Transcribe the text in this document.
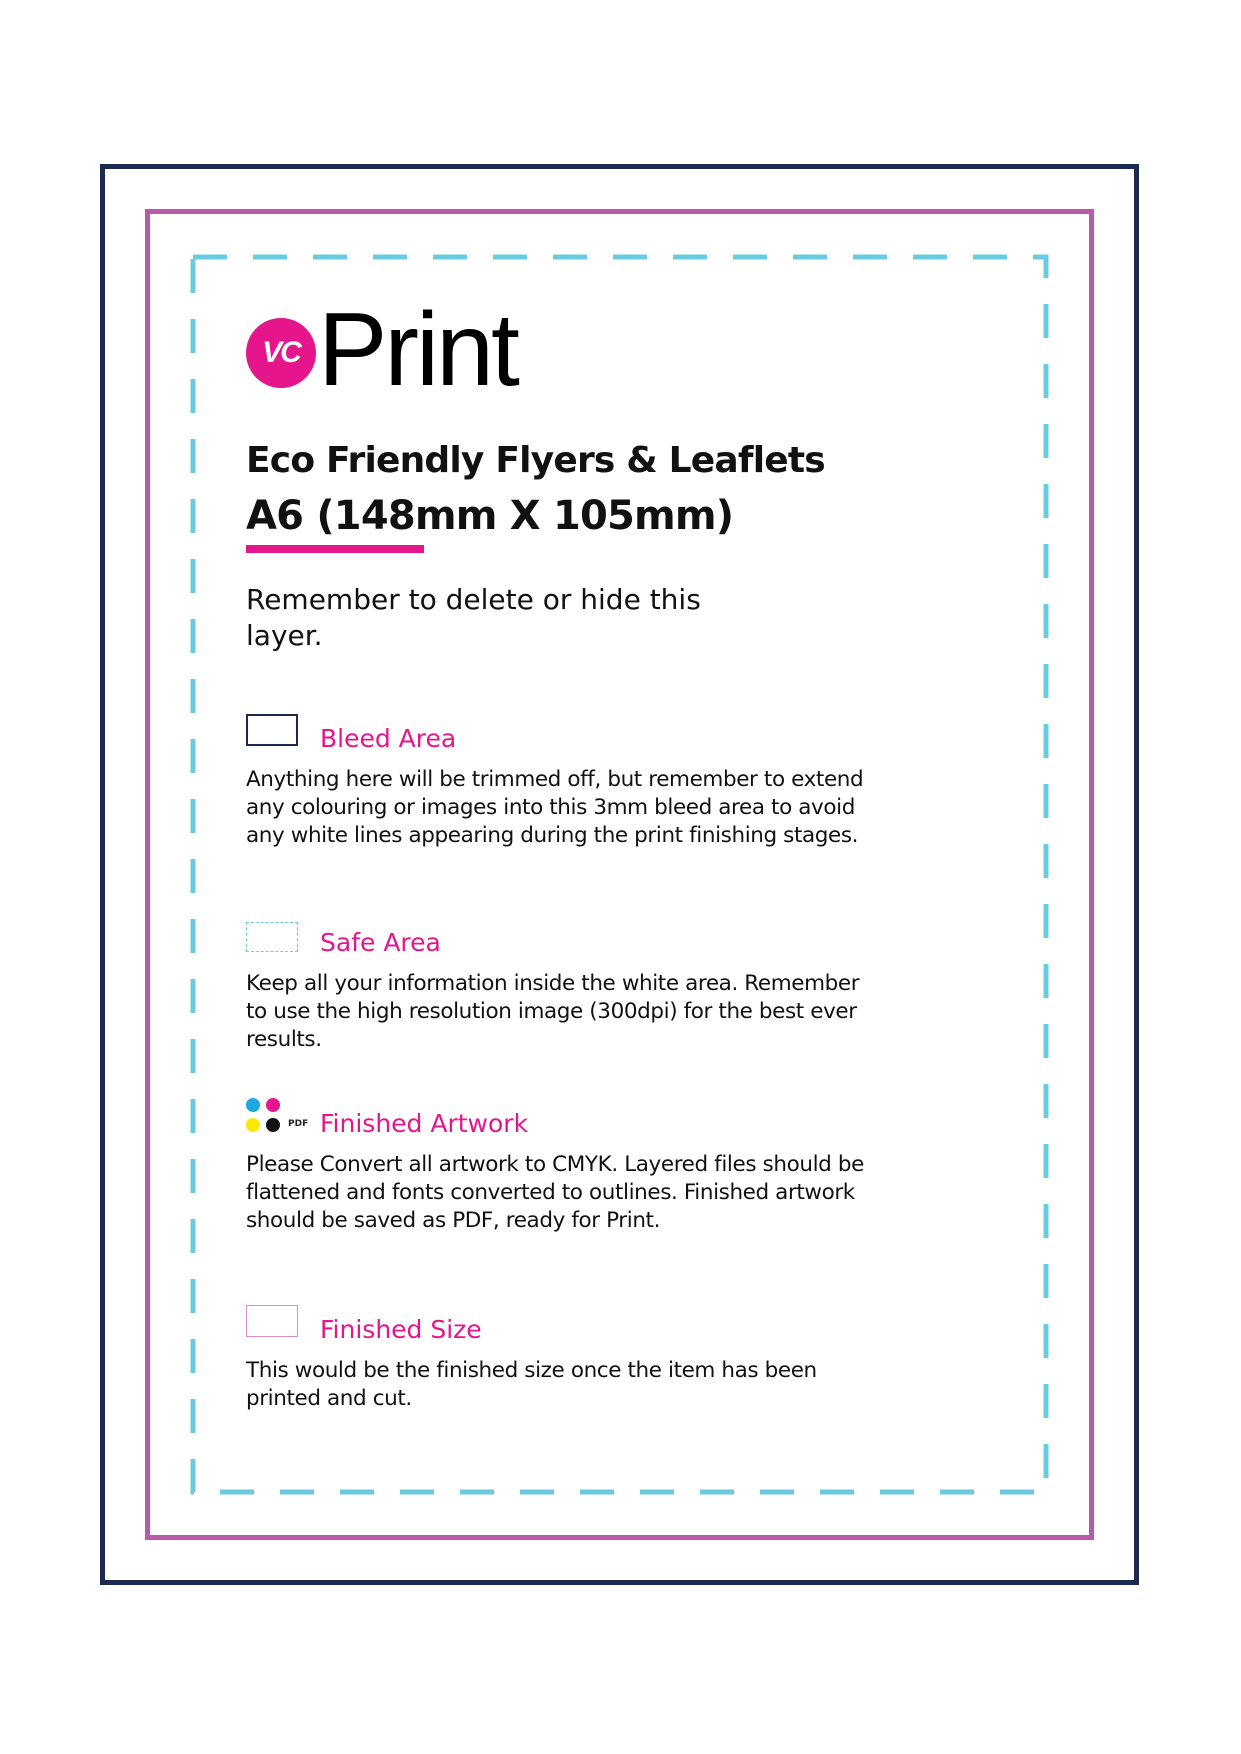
VC Print
Eco Friendly Flyers & Leaflets
A6 (148mm X 105mm)
Remember to delete or hide this layer.
Bleed Area
Anything here will be trimmed off, but remember to extend any colouring or images into this 3mm bleed area to avoid any white lines appearing during the print finishing stages.
Safe Area
Keep all your information inside the white area. Remember to use the high resolution image (300dpi) for the best ever results.
PDF Finished Artwork
Please Convert all artwork to CMYK. Layered files should be flattened and fonts converted to outlines. Finished artwork should be saved as PDF, ready for Print.
Finished Size
This would be the finished size once the item has been printed and cut.
